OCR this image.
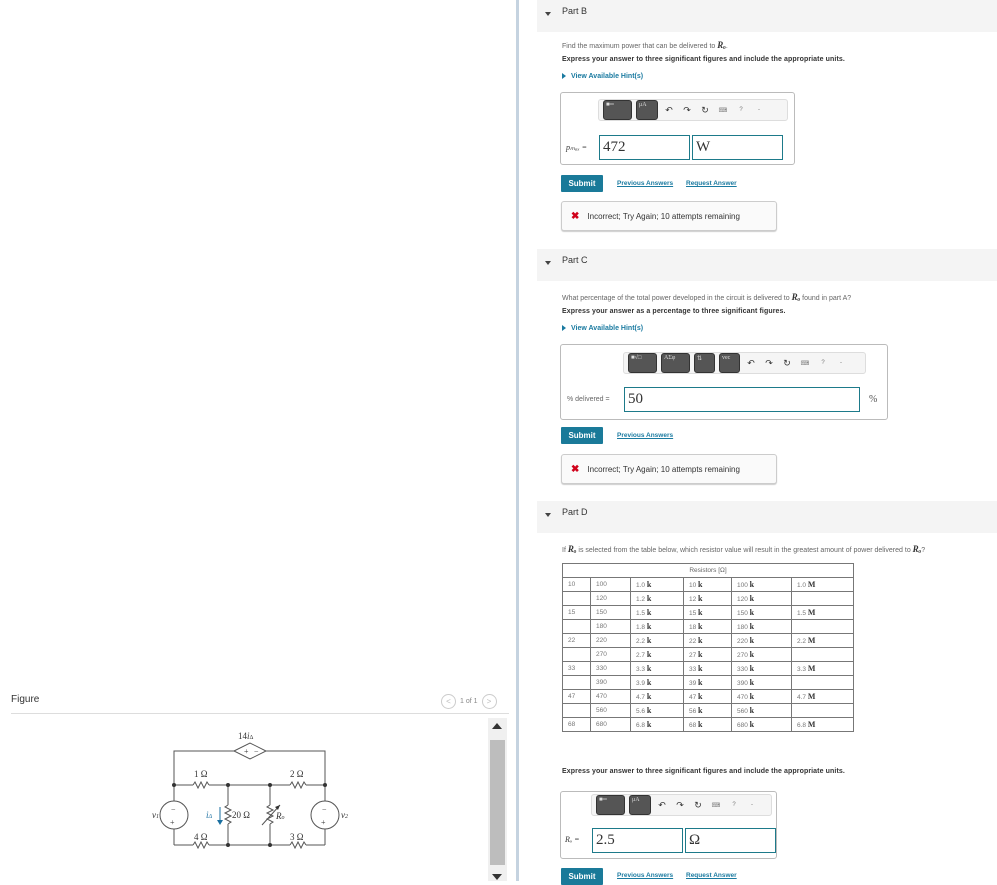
Figure	< 1 of 1 >
14iΔ
+ −
1 Ω	2 Ω
4 Ω	3 Ω
20 Ω	Ro
v1	v2
−
+
−
+
iΔ
Part B
Find the maximum power that can be delivered to Rₒ.
Express your answer to three significant figures and include the appropriate units.
View Available Hint(s)
■═	μA	↶	↷	↻	⌨	?	-
pₘₐₓ = 472	W
Submit	Previous Answers Request Answer
✖ Incorrect; Try Again; 10 attempts remaining
Part C
What percentage of the total power developed in the circuit is delivered to Rₒ found in part A?
Express your answer as a percentage to three significant figures.
View Available Hint(s)
■√□	AΣφ	⇅	vec	↶	↷	↻	⌨	?	-
% delivered = 50	%
Submit	Previous Answers
✖ Incorrect; Try Again; 10 attempts remaining
Part D
If Rₒ is selected from the table below, which resistor value will result in the greatest amount of power delivered to Rₒ?
Resistors [Ω]					
10	100	1.0 k	10 k	100 k	1.0 M
	120	1.2 k	12 k	120 k	
15	150	1.5 k	15 k	150 k	1.5 M
	180	1.8 k	18 k	180 k	
22	220	2.2 k	22 k	220 k	2.2 M
	270	2.7 k	27 k	270 k	
33	330	3.3 k	33 k	330 k	3.3 M
	390	3.9 k	39 k	390 k	
47	470	4.7 k	47 k	470 k	4.7 M
	560	5.6 k	56 k	560 k	
68	680	6.8 k	68 k	680 k	6.8 M
Express your answer to three significant figures and include the appropriate units.
■═	μA	↶	↷	↻	⌨	?	-
Rₒ = 2.5	Ω
Submit	Previous Answers Request Answer
